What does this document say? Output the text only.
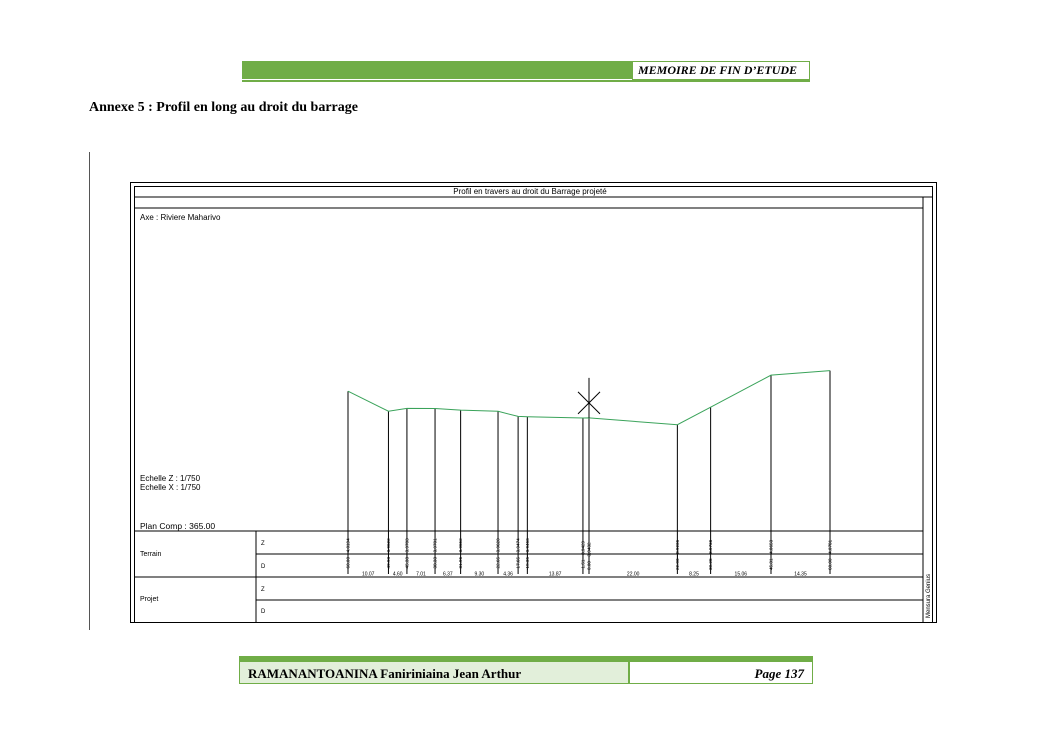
MEMOIRE DE FIN D’ETUDE
Annexe 5 : Profil en long au droit du barrage
Profil en travers au droit du Barrage projeté
Axe : Riviere Maharivo
Echelle Z : 1/750
Echelle X : 1/750
Plan Comp : 365.00
Mensura Genius
Terrain
Projet
Z
D
Z
D
-60.00—4.0194	-49.93—3.9622	-45.33—3.9703	-38.33—3.9701	-31.96—3.9652	-22.65—3.9620	-17.65—3.9474 -15.35—3.9463	-1.51—3.9429 0.00—3.9432	22.00—3.9236	30.28—3.9738	45.31—4.0653	60.00—4.0781
10.07	4.60	7.01	6.37	9.30	4.36	13.87	22.00	8.25	15.06	14.35
RAMANANTOANINA Faniriniaina Jean Arthur	Page 137
